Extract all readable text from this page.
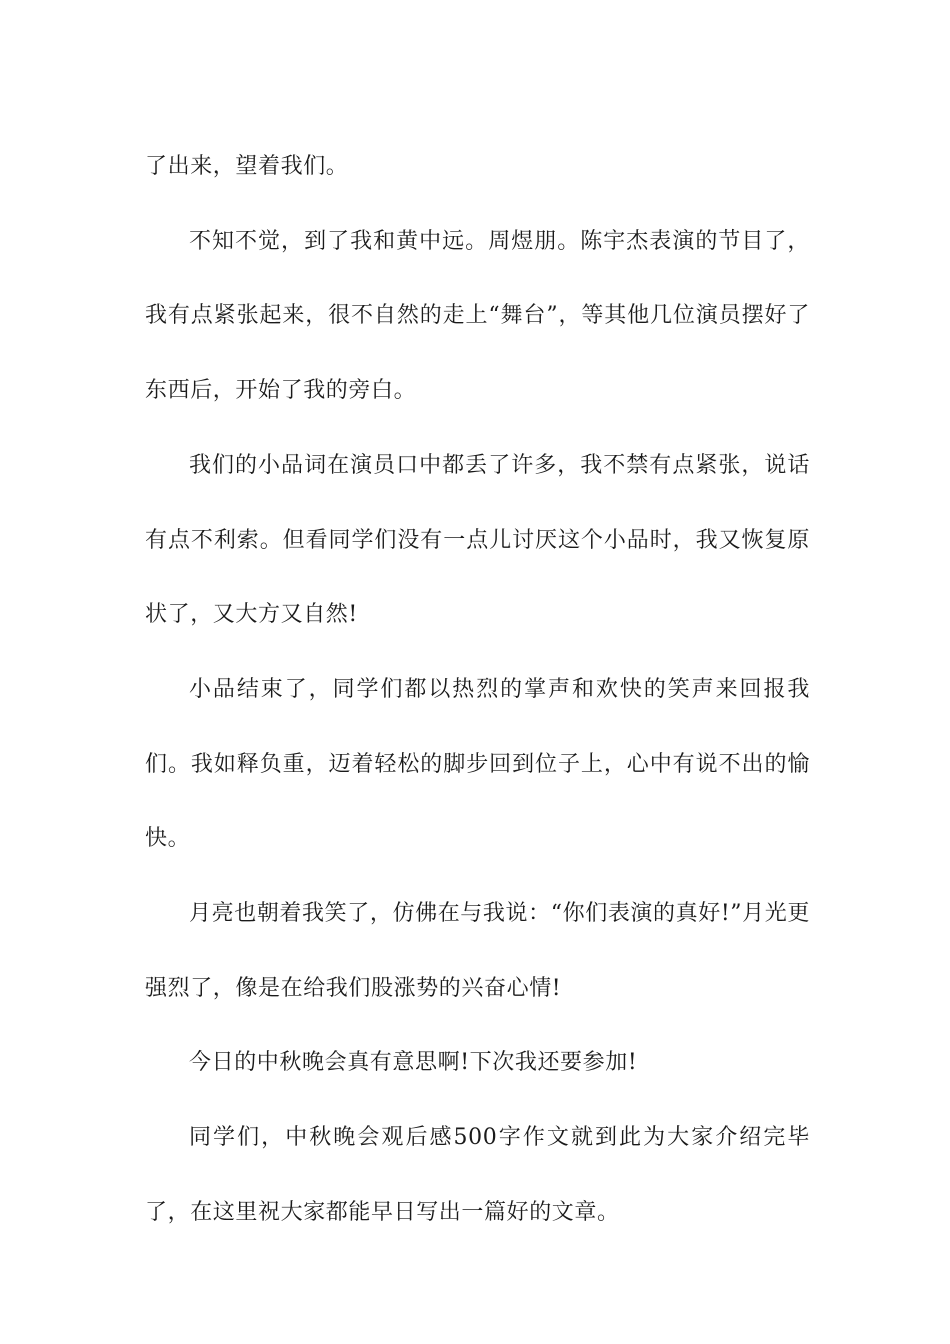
了出来，望着我们。

不知不觉，到了我和黄中远。周煜朋。陈宇杰表演的节目了，我有点紧张起来，很不自然的走上“舞台”，等其他几位演员摆好了东西后，开始了我的旁白。

我们的小品词在演员口中都丢了许多，我不禁有点紧张，说话有点不利索。但看同学们没有一点儿讨厌这个小品时，我又恢复原状了，又大方又自然!

小品结束了，同学们都以热烈的掌声和欢快的笑声来回报我们。我如释负重，迈着轻松的脚步回到位子上，心中有说不出的愉快。

月亮也朝着我笑了，仿佛在与我说：“你们表演的真好!”月光更强烈了，像是在给我们股涨势的兴奋心情!

今日的中秋晚会真有意思啊!下次我还要参加!

同学们，中秋晚会观后感500字作文就到此为大家介绍完毕了，在这里祝大家都能早日写出一篇好的文章。
